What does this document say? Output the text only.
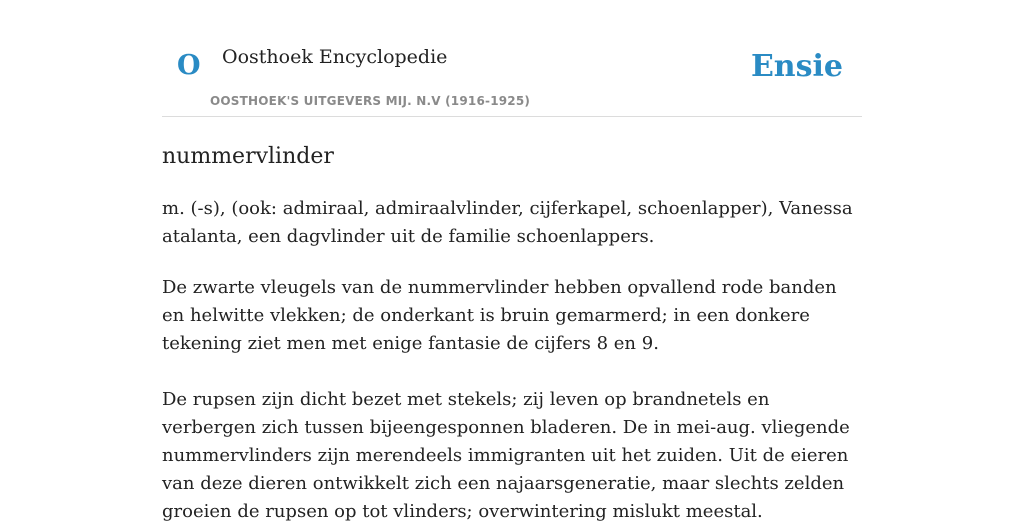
O Oosthoek Encyclopedie
OOSTHOEK'S UITGEVERS MIJ. N.V (1916-1925)
Ensie
nummervlinder

m. (-s), (ook: admiraal, admiraalvlinder, cijferkapel, schoenlapper), Vanessa atalanta, een dagvlinder uit de familie schoenlappers.

De zwarte vleugels van de nummervlinder hebben opvallend rode banden en helwitte vlekken; de onderkant is bruin gemarmerd; in een donkere tekening ziet men met enige fantasie de cijfers 8 en 9.

De rupsen zijn dicht bezet met stekels; zij leven op brandnetels en verbergen zich tussen bijeengesponnen bladeren. De in mei-aug. vliegende nummervlinders zijn merendeels immigranten uit het zuiden. Uit de eieren van deze dieren ontwikkelt zich een najaarsgeneratie, maar slechts zelden groeien de rupsen op tot vlinders; overwintering mislukt meestal.
